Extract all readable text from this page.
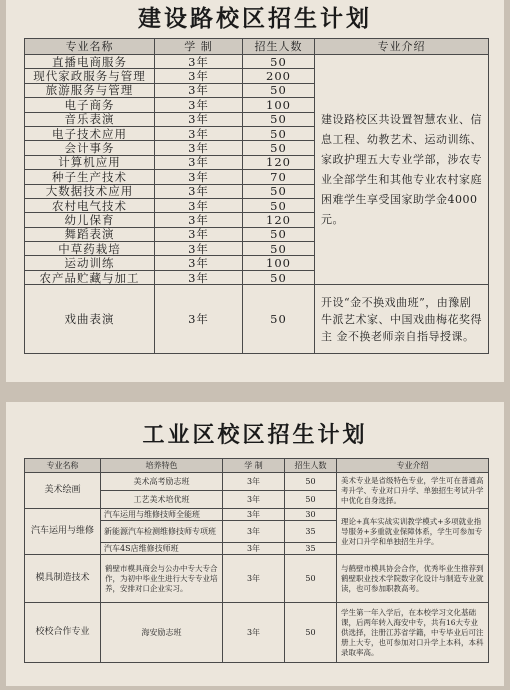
建设路校区招生计划
专业名称	学 制	招生人数	专业介绍
直播电商服务	3年	50	建设路校区共设置智慧农业、信息工程、幼教艺术、运动训练、家政护理五大专业学部，涉农专业全部学生和其他专业农村家庭困难学生享受国家助学金4000元。
现代家政服务与管理	3年	200	
旅游服务与管理	3年	50	
电子商务	3年	100	
音乐表演	3年	50	
电子技术应用	3年	50	
会计事务	3年	50	
计算机应用	3年	120	
种子生产技术	3年	70	
大数据技术应用	3年	50	
农村电气技术	3年	50	
幼儿保育	3年	120	
舞蹈表演	3年	50	
中草药栽培	3年	50	
运动训练	3年	100	
农产品贮藏与加工	3年	50	
戏曲表演	3年	50	开设“金不换戏曲班”，由豫剧牛派艺术家、中国戏曲梅花奖得主 金不换老师亲自指导授课。
工业区校区招生计划
专业名称	培养特色	学 制	招生人数	专业介绍
美术绘画	美术高考励志班	3年	50	美术专业是省级特色专业，学生可在普通高考升学、专业对口升学、单独招生考试升学中优化自身选择。
	工艺美术培优班	3年	50	
汽车运用与维修	汽车运用与维修技师全能班	3年	30	理论+真车实战实训教学模式+多项就业指导服务+多重就业保障体系，学生可参加专业对口升学和单独招生升学。
	新能源汽车检测维修技师专项班	3年	35	
	汽车4S店维修技师班	3年	35	
模具制造技术	鹤壁市模具商会与公办中专大专合作，为初中毕业生进行大专专业培养，安排对口企业实习。	3年	50	与鹤壁市模具协会合作，优秀毕业生推荐到鹤壁职业技术学院数字化设计与制造专业就读，也可参加职教高考。
校校合作专业	海安励志班	3年	50	学生第一年入学后，在本校学习文化基础课，后两年转入海安中专，共有16大专业供选择，注册江苏省学籍，中专毕业后可注册上大专，也可参加对口升学上本科，本科录取率高。
